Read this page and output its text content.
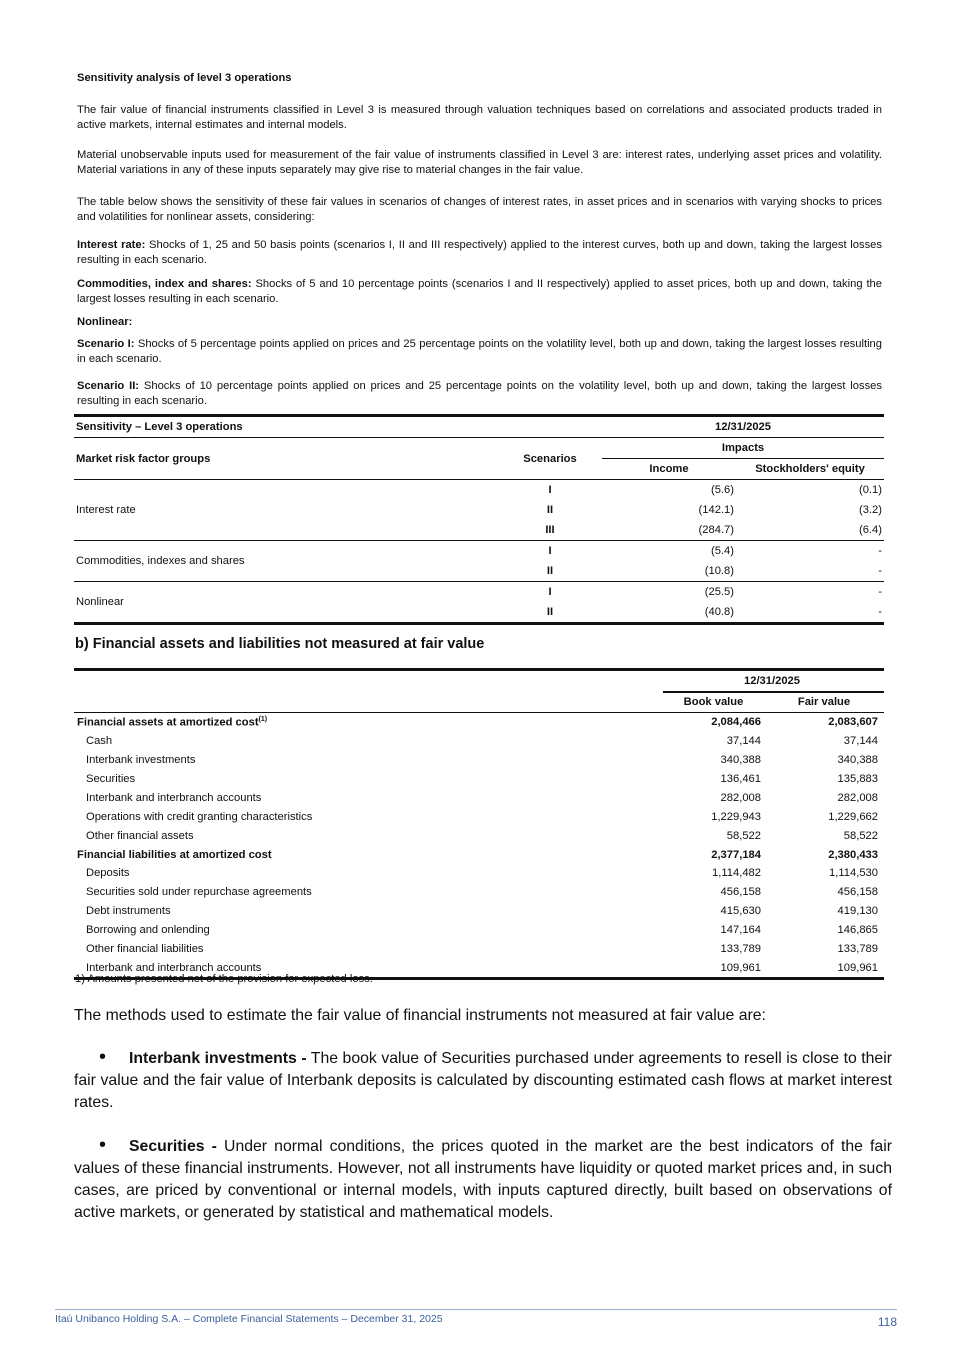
Sensitivity analysis of level 3 operations
The fair value of financial instruments classified in Level 3 is measured through valuation techniques based on correlations and associated products traded in active markets, internal estimates and internal models.
Material unobservable inputs used for measurement of the fair value of instruments classified in Level 3 are: interest rates, underlying asset prices and volatility. Material variations in any of these inputs separately may give rise to material changes in the fair value.
The table below shows the sensitivity of these fair values in scenarios of changes of interest rates, in asset prices and in scenarios with varying shocks to prices and volatilities for nonlinear assets, considering:
Interest rate: Shocks of 1, 25 and 50 basis points (scenarios I, II and III respectively) applied to the interest curves, both up and down, taking the largest losses resulting in each scenario.
Commodities, index and shares: Shocks of 5 and 10 percentage points (scenarios I and II respectively) applied to asset prices, both up and down, taking the largest losses resulting in each scenario.
Nonlinear:
Scenario I: Shocks of 5 percentage points applied on prices and 25 percentage points on the volatility level, both up and down, taking the largest losses resulting in each scenario.
Scenario II: Shocks of 10 percentage points applied on prices and 25 percentage points on the volatility level, both up and down, taking the largest losses resulting in each scenario.
Sensitivity – Level 3 operations		12/31/2025	
Market risk factor groups	Scenarios	Impacts	
		Income	Stockholders' equity
Interest rate	I	(5.6)	(0.1)
	II	(142.1)	(3.2)
	III	(284.7)	(6.4)
Commodities, indexes and shares	I	(5.4)	-
	II	(10.8)	-
Nonlinear	I	(25.5)	-
	II	(40.8)	-
b) Financial assets and liabilities not measured at fair value
	12/31/2025		
	Book value	Fair value	
Financial assets at amortized cost$^{(1)}$	2,084,466	2,083,607	
Cash	37,144	37,144	
Interbank investments	340,388	340,388	
Securities	136,461	135,883	
Interbank and interbranch accounts	282,008	282,008	
Operations with credit granting characteristics	1,229,943	1,229,662	
Other financial assets	58,522	58,522	
Financial liabilities at amortized cost	2,377,184	2,380,433	
Deposits	1,114,482	1,114,530	
Securities sold under repurchase agreements	456,158	456,158	
Debt instruments	415,630	419,130	
Borrowing and onlending	147,164	146,865	
Other financial liabilities	133,789	133,789	
Interbank and interbranch accounts	109,961	109,961	
1) Amounts presented net of the provision for expected loss.
The methods used to estimate the fair value of financial instruments not measured at fair value are:
• Interbank investments - The book value of Securities purchased under agreements to resell is close to their fair value and the fair value of Interbank deposits is calculated by discounting estimated cash flows at market interest rates.
• Securities - Under normal conditions, the prices quoted in the market are the best indicators of the fair values of these financial instruments. However, not all instruments have liquidity or quoted market prices and, in such cases, are priced by conventional or internal models, with inputs captured directly, built based on observations of active markets, or generated by statistical and mathematical models.
Itaú Unibanco Holding S.A. – Complete Financial Statements – December 31, 2025	118
